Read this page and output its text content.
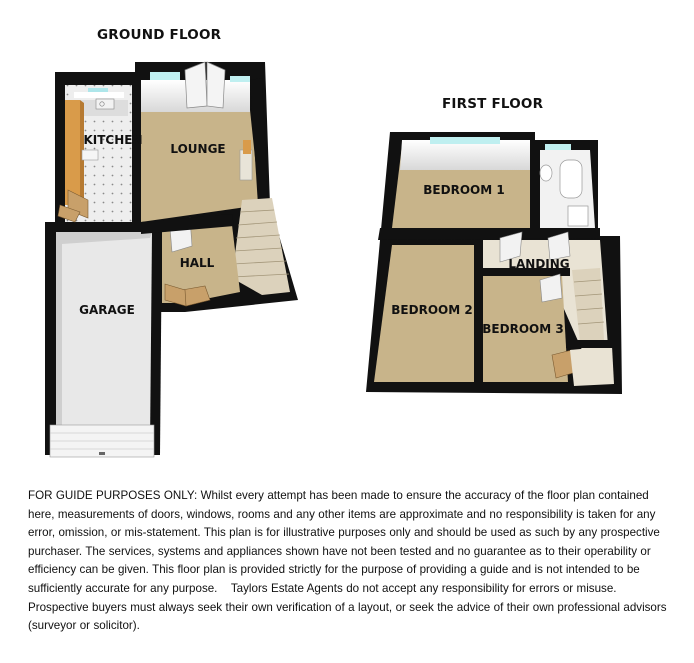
GROUND FLOOR
FIRST FLOOR
KITCHEN
LOUNGE
HALL
GARAGE
BEDROOM 1
LANDING
BEDROOM 2
BEDROOM 3

FOR GUIDE PURPOSES ONLY: Whilst every attempt has been made to ensure the accuracy of the floor plan contained here, measurements of doors, windows, rooms and any other items are approximate and no responsibility is taken for any error, omission, or mis-statement. This plan is for illustrative purposes only and should be used as such by any prospective purchaser. The services, systems and appliances shown have not been tested and no guarantee as to their operability or efficiency can be given. This floor plan is provided strictly for the purpose of providing a guide and is not intended to be sufficiently accurate for any purpose.    Taylors Estate Agents do not accept any responsibility for errors or misuse. Prospective buyers must always seek their own verification of a layout, or seek the advice of their own professional advisors (surveyor or solicitor).
